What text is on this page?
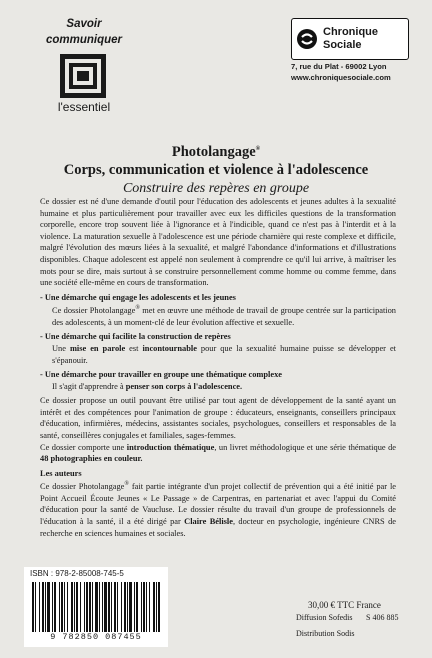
Savoir
communiquer
l'essentiel
Chronique
Sociale
7, rue du Plat - 69002 Lyon
www.chroniquesociale.com
Photolangage®
Corps, communication et violence à l'adolescence
Construire des repères en groupe

Ce dossier est né d'une demande d'outil pour l'éducation des adolescents et jeunes adultes à la sexualité humaine et plus particulièrement pour travailler avec eux les difficiles questions de la transformation corporelle, encore trop souvent liée à l'ignorance et à l'indicible, quand ce n'est pas à l'interdit et à la violence. La maturation sexuelle à l'adolescence est une période charnière qui reste complexe et difficile, malgré l'évolution des mœurs liées à la sexualité, et malgré l'abondance d'informations et d'illustrations disponibles. Chaque adolescent est appelé non seulement à comprendre ce qu'il lui arrive, à maîtriser les mots pour se dire, mais surtout à se construire personnellement comme homme ou comme femme, dans une société elle-même en cours de transformation.

- Une démarche qui engage les adolescents et les jeunes

Ce dossier Photolangage® met en œuvre une méthode de travail de groupe centrée sur la participation des adolescents, à un moment-clé de leur évolution affective et sexuelle.

- Une démarche qui facilite la construction de repères

Une mise en parole est incontournable pour que la sexualité humaine puisse se développer et s'épanouir.

- Une démarche pour travailler en groupe une thématique complexe

Il s'agit d'apprendre à penser son corps à l'adolescence.

Ce dossier propose un outil pouvant être utilisé par tout agent de développement de la santé ayant un intérêt et des compétences pour l'animation de groupe : éducateurs, enseignants, conseillers principaux d'éducation, infirmières, médecins, assistantes sociales, psychologues, conseillers et responsables de la santé, conseillères conjugales et familiales, sages-femmes.

Ce dossier comporte une introduction thématique, un livret méthodologique et une série thématique de 48 photographies en couleur.

Les auteurs

Ce dossier Photolangage® fait partie intégrante d'un projet collectif de prévention qui a été initié par le Point Accueil Écoute Jeunes « Le Passage » de Carpentras, en partenariat et avec l'appui du Comité d'éducation pour la santé de Vaucluse. Le dossier résulte du travail d'un groupe de professionnels de l'éducation à la santé, il a été dirigé par Claire Bélisle, docteur en psychologie, ingénieure CNRS de recherche en sciences humaines et sociales.

ISBN : 978-2-85008-745-5
9 782850 087455
30,00 € TTC France
Diffusion Sofedis S 406 885
Distribution Sodis
